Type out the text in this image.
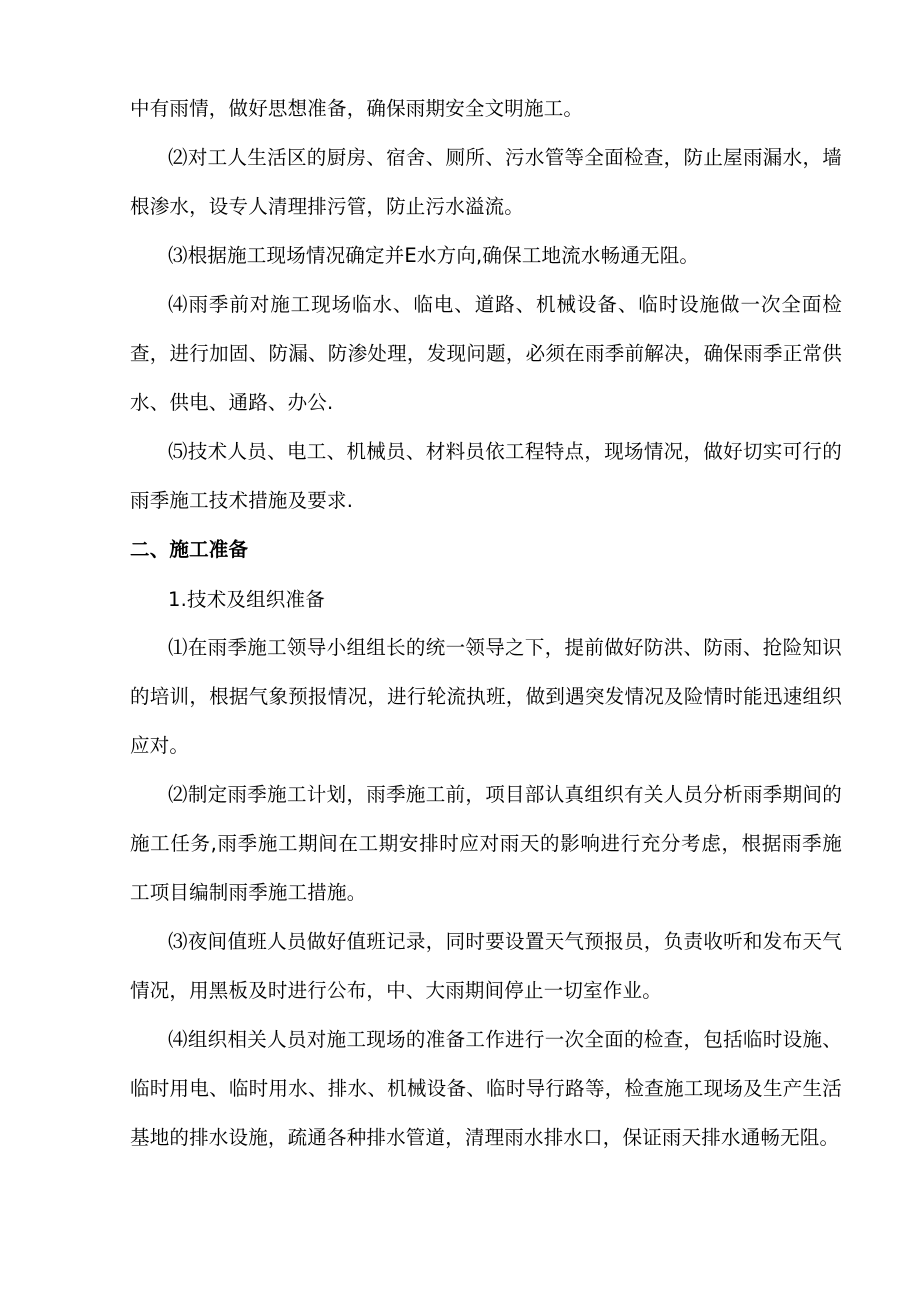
中有雨情，做好思想准备，确保雨期安全文明施工。

⑵对工人生活区的厨房、宿舍、厕所、污水管等全面检查，防止屋雨漏水，墙根渗水，设专人清理排污管，防止污水溢流。

⑶根据施工现场情况确定并E水方向,确保工地流水畅通无阻。

⑷雨季前对施工现场临水、临电、道路、机械设备、临时设施做一次全面检查，进行加固、防漏、防渗处理，发现问题，必须在雨季前解决，确保雨季正常供水、供电、通路、办公.

⑸技术人员、电工、机械员、材料员依工程特点，现场情况，做好切实可行的雨季施工技术措施及要求.

二、施工准备

1.技术及组织准备

⑴在雨季施工领导小组组长的统一领导之下，提前做好防洪、防雨、抢险知识的培训，根据气象预报情况，进行轮流执班，做到遇突发情况及险情时能迅速组织应对。

⑵制定雨季施工计划，雨季施工前，项目部认真组织有关人员分析雨季期间的施工任务,雨季施工期间在工期安排时应对雨天的影响进行充分考虑，根据雨季施工项目编制雨季施工措施。

⑶夜间值班人员做好值班记录，同时要设置天气预报员，负责收听和发布天气情况，用黑板及时进行公布，中、大雨期间停止一切室作业。

⑷组织相关人员对施工现场的准备工作进行一次全面的检查，包括临时设施、临时用电、临时用水、排水、机械设备、临时导行路等，检查施工现场及生产生活基地的排水设施，疏通各种排水管道，清理雨水排水口，保证雨天排水通畅无阻。
